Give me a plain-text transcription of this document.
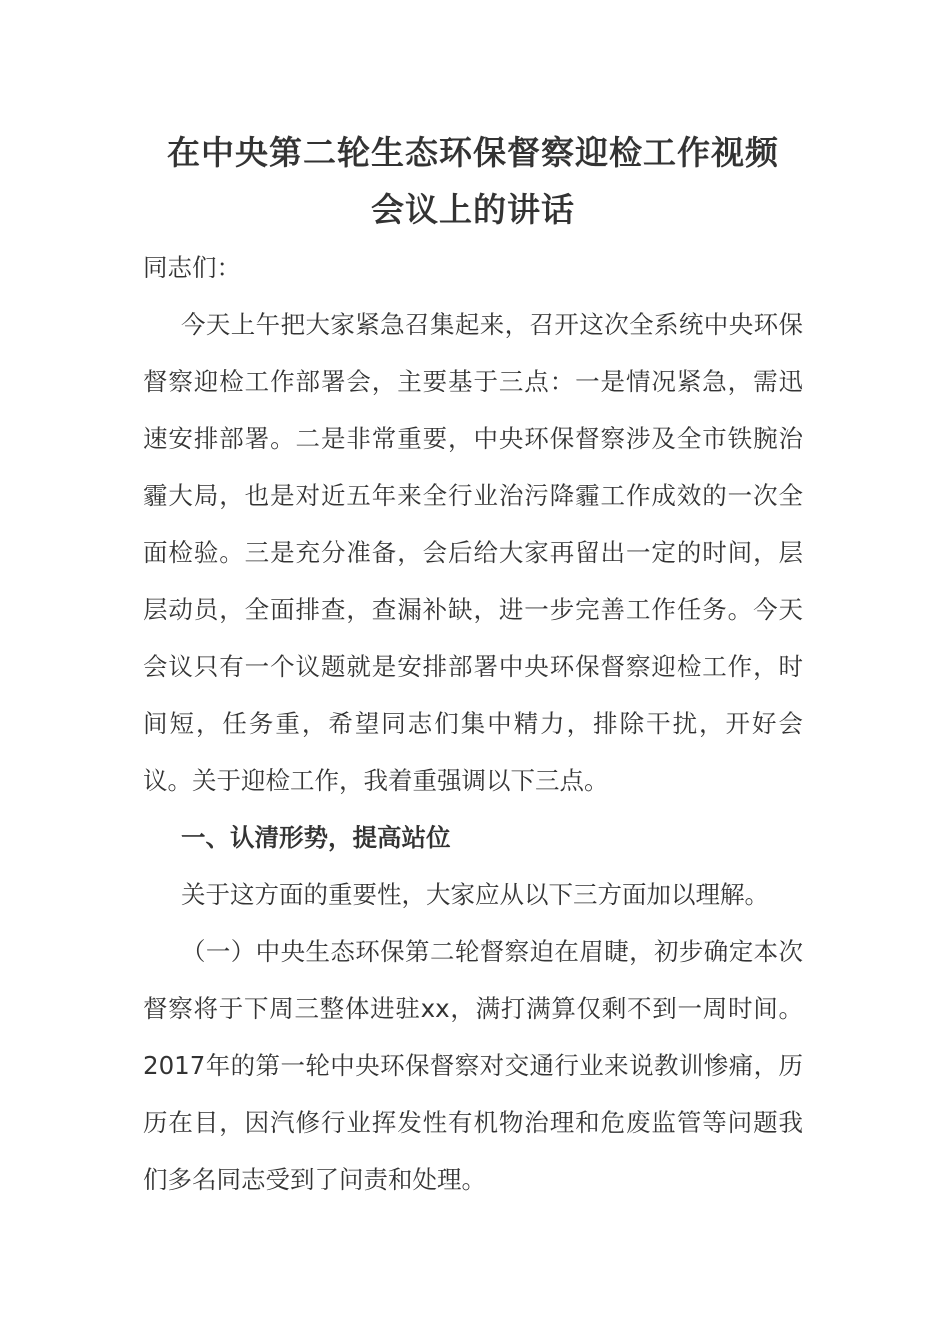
在中央第二轮生态环保督察迎检工作视频
会议上的讲话

同志们：

今天上午把大家紧急召集起来，召开这次全系统中央环保督察迎检工作部署会，主要基于三点：一是情况紧急，需迅速安排部署。二是非常重要，中央环保督察涉及全市铁腕治霾大局，也是对近五年来全行业治污降霾工作成效的一次全面检验。三是充分准备，会后给大家再留出一定的时间，层层动员，全面排查，查漏补缺，进一步完善工作任务。今天会议只有一个议题就是安排部署中央环保督察迎检工作，时间短，任务重，希望同志们集中精力，排除干扰，开好会议。关于迎检工作，我着重强调以下三点。

一、认清形势，提高站位

关于这方面的重要性，大家应从以下三方面加以理解。

（一）中央生态环保第二轮督察迫在眉睫，初步确定本次督察将于下周三整体进驻xx，满打满算仅剩不到一周时间。2017年的第一轮中央环保督察对交通行业来说教训惨痛，历历在目，因汽修行业挥发性有机物治理和危废监管等问题我们多名同志受到了问责和处理。
